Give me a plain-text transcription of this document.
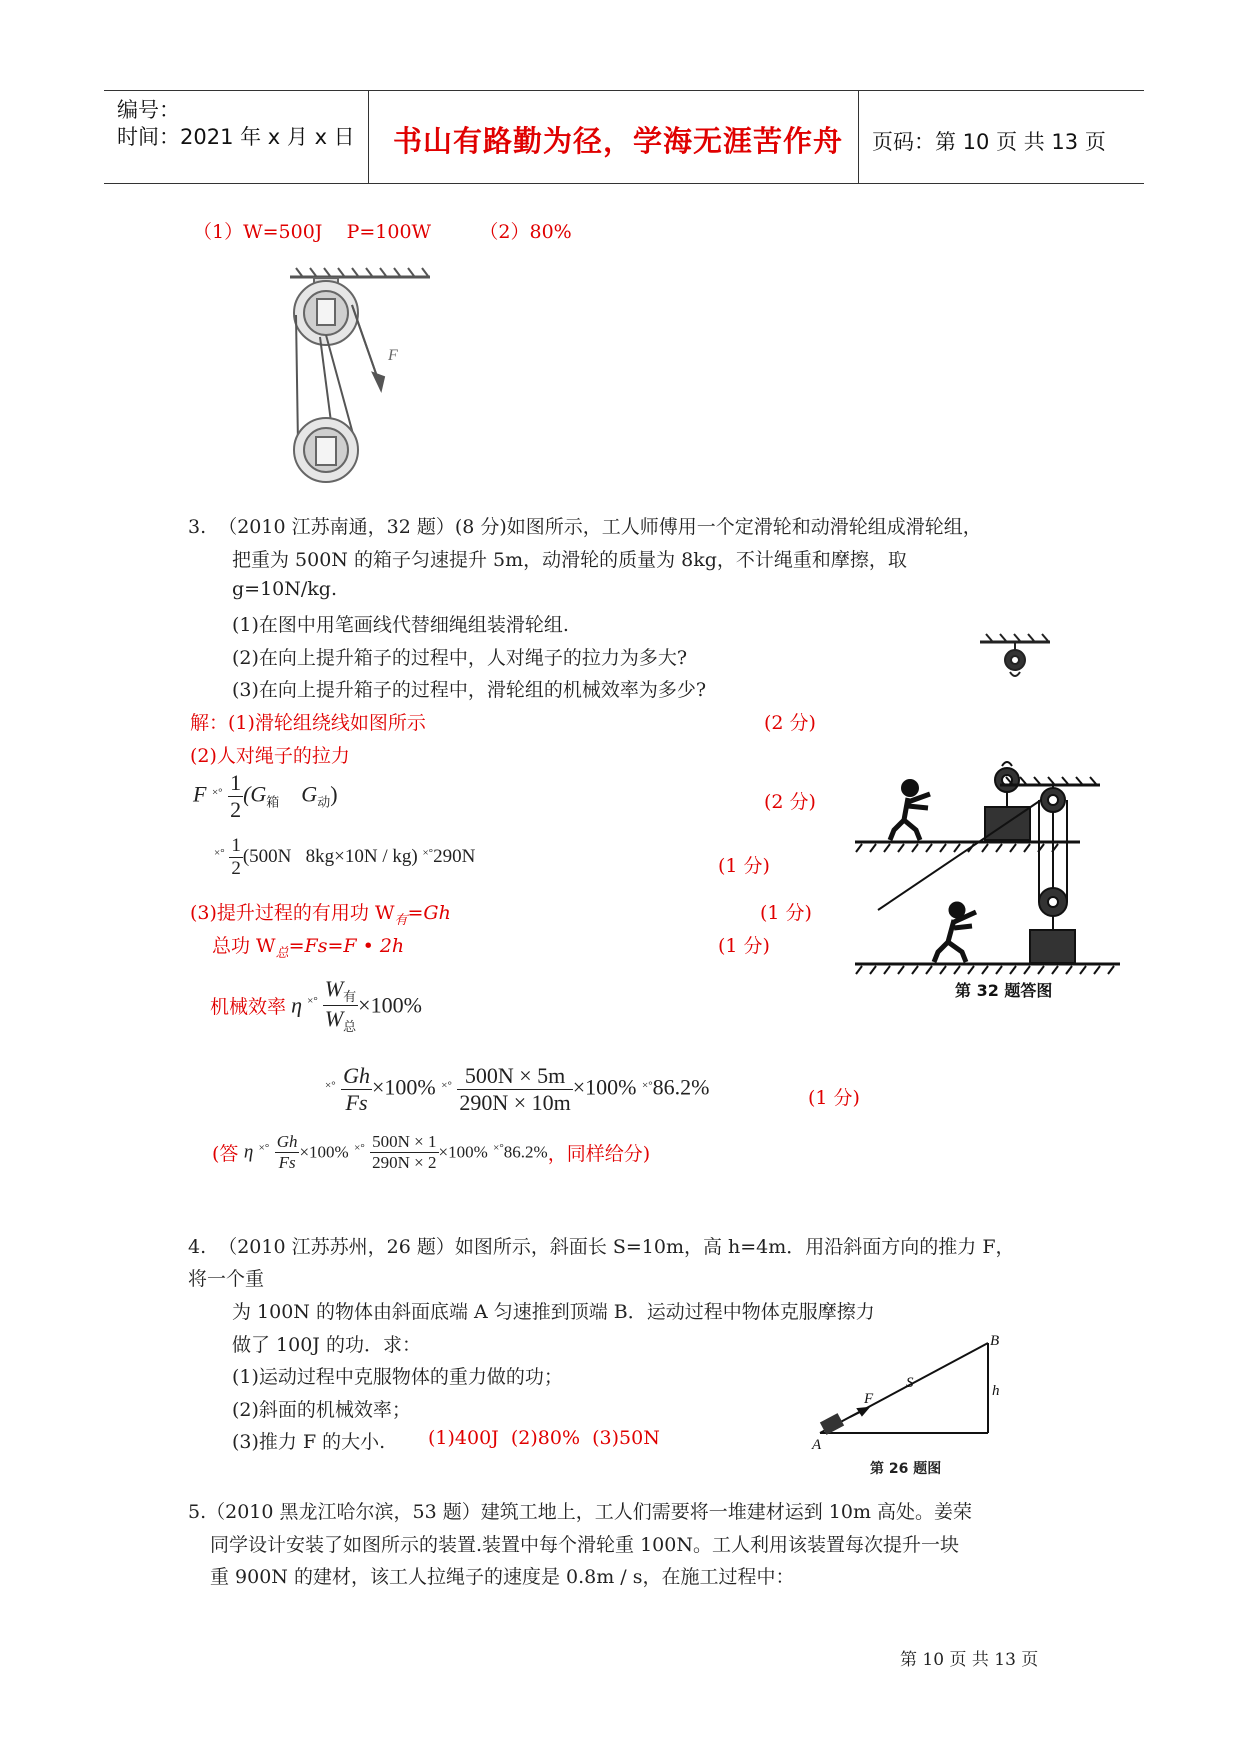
编号：
时间：2021 年 x 月 x 日 书山有路勤为径，学海无涯苦作舟 页码：第 10 页 共 13 页
（1）W=500J    P=100W        （2）80%
F
3.  （2010 江苏南通，32 题）(8 分)如图所示，工人师傅用一个定滑轮和动滑轮组成滑轮组，
把重为 500N 的箱子匀速提升 5m，动滑轮的质量为 8kg，不计绳重和摩擦，取
g=10N/kg.
(1)在图中用笔画线代替细绳组装滑轮组.
(2)在向上提升箱子的过程中，人对绳子的拉力为多大?
(3)在向上提升箱子的过程中，滑轮组的机械效率为多少?
解：(1)滑轮组绕线如图所示	(2 分)
(2)人对绳子的拉力
F $^{\times^\circ} \frac{1}{2} (G_箱$ $G_动$)	(2 分)
$^{\times^\circ} \frac{1}{2} (500N$   8kg×10N / kg) ×°290N	(1 分)
(3)提升过程的有用功 $W_有=Gh$	(1 分)
总功 $W_总=Fs=F$ • 2h	(1 分)
机械效率 η $^{\times^\circ} \frac{W_有}{W_总} \times 100\%$
$^{\times^\circ} \frac{Gh}{Fs} \times 100\%$ $^{\times^\circ} \frac{500N \times 5m}{290N \times 10m} \times 100\%$ ×°86.2%	(1 分)
(答 η $^{\times^\circ} \frac{Gh}{Fs} \times 100\%$ $^{\times^\circ} \frac{500N \times 1}{290N \times 2} \times 100\%$ ×°86.2%，同样给分)
第 32 题答图
4.  （2010 江苏苏州，26 题）如图所示，斜面长 S=10m，高 h=4m．用沿斜面方向的推力 F，
将一个重
为 100N 的物体由斜面底端 A 匀速推到顶端 B．运动过程中物体克服摩擦力
做了 100J 的功．求：
(1)运动过程中克服物体的重力做的功；
(2)斜面的机械效率；
(3)推力 F 的大小. (1)400J  (2)80%  (3)50N
B
A
h
S
F
第 26 题图
5.（2010 黑龙江哈尔滨，53 题）建筑工地上，工人们需要将一堆建材运到 10m 高处。姜荣
同学设计安装了如图所示的装置.装置中每个滑轮重 100N。工人利用该装置每次提升一块
重 900N 的建材，该工人拉绳子的速度是 0.8m / s，在施工过程中：
第 10 页 共 13 页
